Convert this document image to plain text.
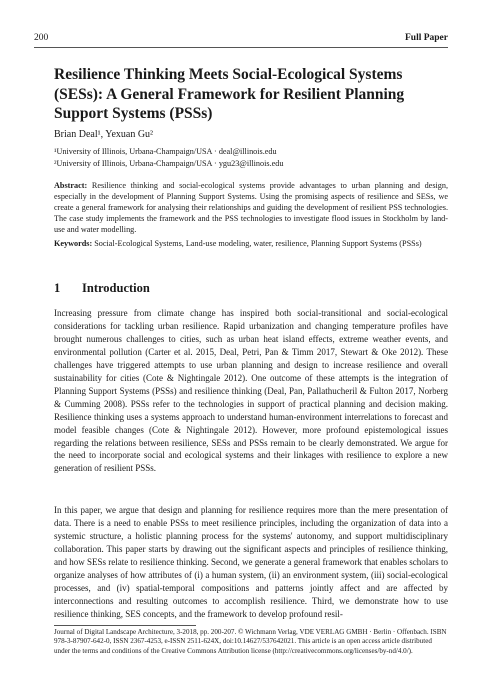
200	Full Paper
Resilience Thinking Meets Social-Ecological Systems (SESs): A General Framework for Resilient Planning Support Systems (PSSs)
Brian Deal¹, Yexuan Gu²
¹University of Illinois, Urbana-Champaign/USA · deal@illinois.edu
²University of Illinois, Urbana-Champaign/USA · ygu23@illinois.edu
Abstract: Resilience thinking and social-ecological systems provide advantages to urban planning and design, especially in the development of Planning Support Systems. Using the promising aspects of resilience and SESs, we create a general framework for analysing their relationships and guiding the development of resilient PSS technologies. The case study implements the framework and the PSS technologies to investigate flood issues in Stockholm by land-use and water modelling.
Keywords: Social-Ecological Systems, Land-use modeling, water, resilience, Planning Support Systems (PSSs)
1 Introduction
Increasing pressure from climate change has inspired both social-transitional and social-ecological considerations for tackling urban resilience. Rapid urbanization and changing temperature profiles have brought numerous challenges to cities, such as urban heat island effects, extreme weather events, and environmental pollution (Carter et al. 2015, Deal, Petri, Pan & Timm 2017, Stewart & Oke 2012). These challenges have triggered attempts to use urban planning and design to increase resilience and overall sustainability for cities (Cote & Nightingale 2012). One outcome of these attempts is the integration of Planning Support Systems (PSSs) and resilience thinking (Deal, Pan, Pallathucheril & Fulton 2017, Norberg & Cumming 2008). PSSs refer to the technologies in support of practical planning and decision making. Resilience thinking uses a systems approach to understand human-environment interrelations to forecast and model feasible changes (Cote & Nightingale 2012). However, more profound epistemological issues regarding the relations between resilience, SESs and PSSs remain to be clearly demonstrated. We argue for the need to incorporate social and ecological systems and their linkages with resilience to explore a new generation of resilient PSSs.
In this paper, we argue that design and planning for resilience requires more than the mere presentation of data. There is a need to enable PSSs to meet resilience principles, including the organization of data into a systemic structure, a holistic planning process for the systems' autonomy, and support multidisciplinary collaboration. This paper starts by drawing out the significant aspects and principles of resilience thinking, and how SESs relate to resilience thinking. Second, we generate a general framework that enables scholars to organize analyses of how attributes of (i) a human system, (ii) an environment system, (iii) social-ecological processes, and (iv) spatial-temporal compositions and patterns jointly affect and are affected by interconnections and resulting outcomes to accomplish resilience. Third, we demonstrate how to use resilience thinking, SES concepts, and the framework to develop profound resil-
Journal of Digital Landscape Architecture, 3-2018, pp. 200-207. © Wichmann Verlag, VDE VERLAG GMBH · Berlin · Offenbach. ISBN 978-3-87907-642-0, ISSN 2367-4253, e-ISSN 2511-624X, doi:10.14627/537642021. This article is an open access article distributed under the terms and conditions of the Creative Commons Attribution license (http://creativecommons.org/licenses/by-nd/4.0/).
